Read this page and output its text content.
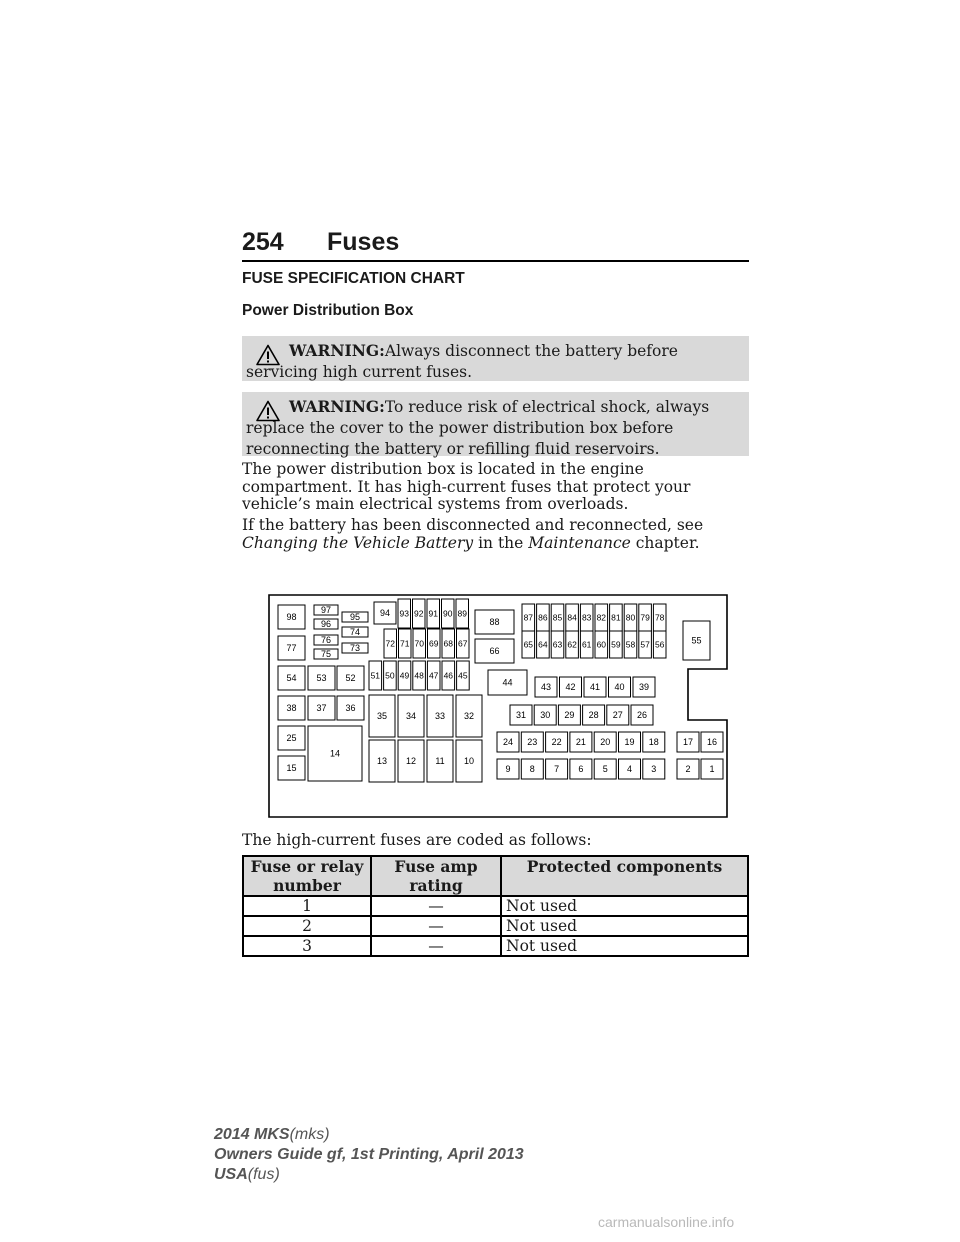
254 Fuses
FUSE SPECIFICATION CHART
Power Distribution Box
WARNING:Always disconnect the battery before servicing high current fuses.
WARNING:To reduce risk of electrical shock, always replace the cover to the power distribution box before reconnecting the battery or refilling fluid reservoirs.
The power distribution box is located in the engine compartment. It has high-current fuses that protect your vehicle’s main electrical systems from overloads.
If the battery has been disconnected and reconnected, see Changing the Vehicle Battery in the Maintenance chapter.
98
97
96
95 94 93 92 91 90 89
88	87 86 85 84 83 82 81 80 79 78
77
76
75
74
73	72 71 70 69 68 67
66
65 64 63 62 61 60 59 58 57 56	55
54 53 52 51 50 49 48 47 46 45
44	43 42 41 40 39
38 37 36
35 34 33 32	31 30 29 28 27 26
25	24 23 22 21 20 19 18	17 16
15
14
13 12 11 10
9 8 7 6 5 4 3	2 1
The high-current fuses are coded as follows:
Fuse or relay number	Fuse amp rating	Protected components
1	—	Not used
2	—	Not used
3	—	Not used
2014 MKS(mks)
Owners Guide gf, 1st Printing, April 2013
USA(fus)
carmanualsonline.info
